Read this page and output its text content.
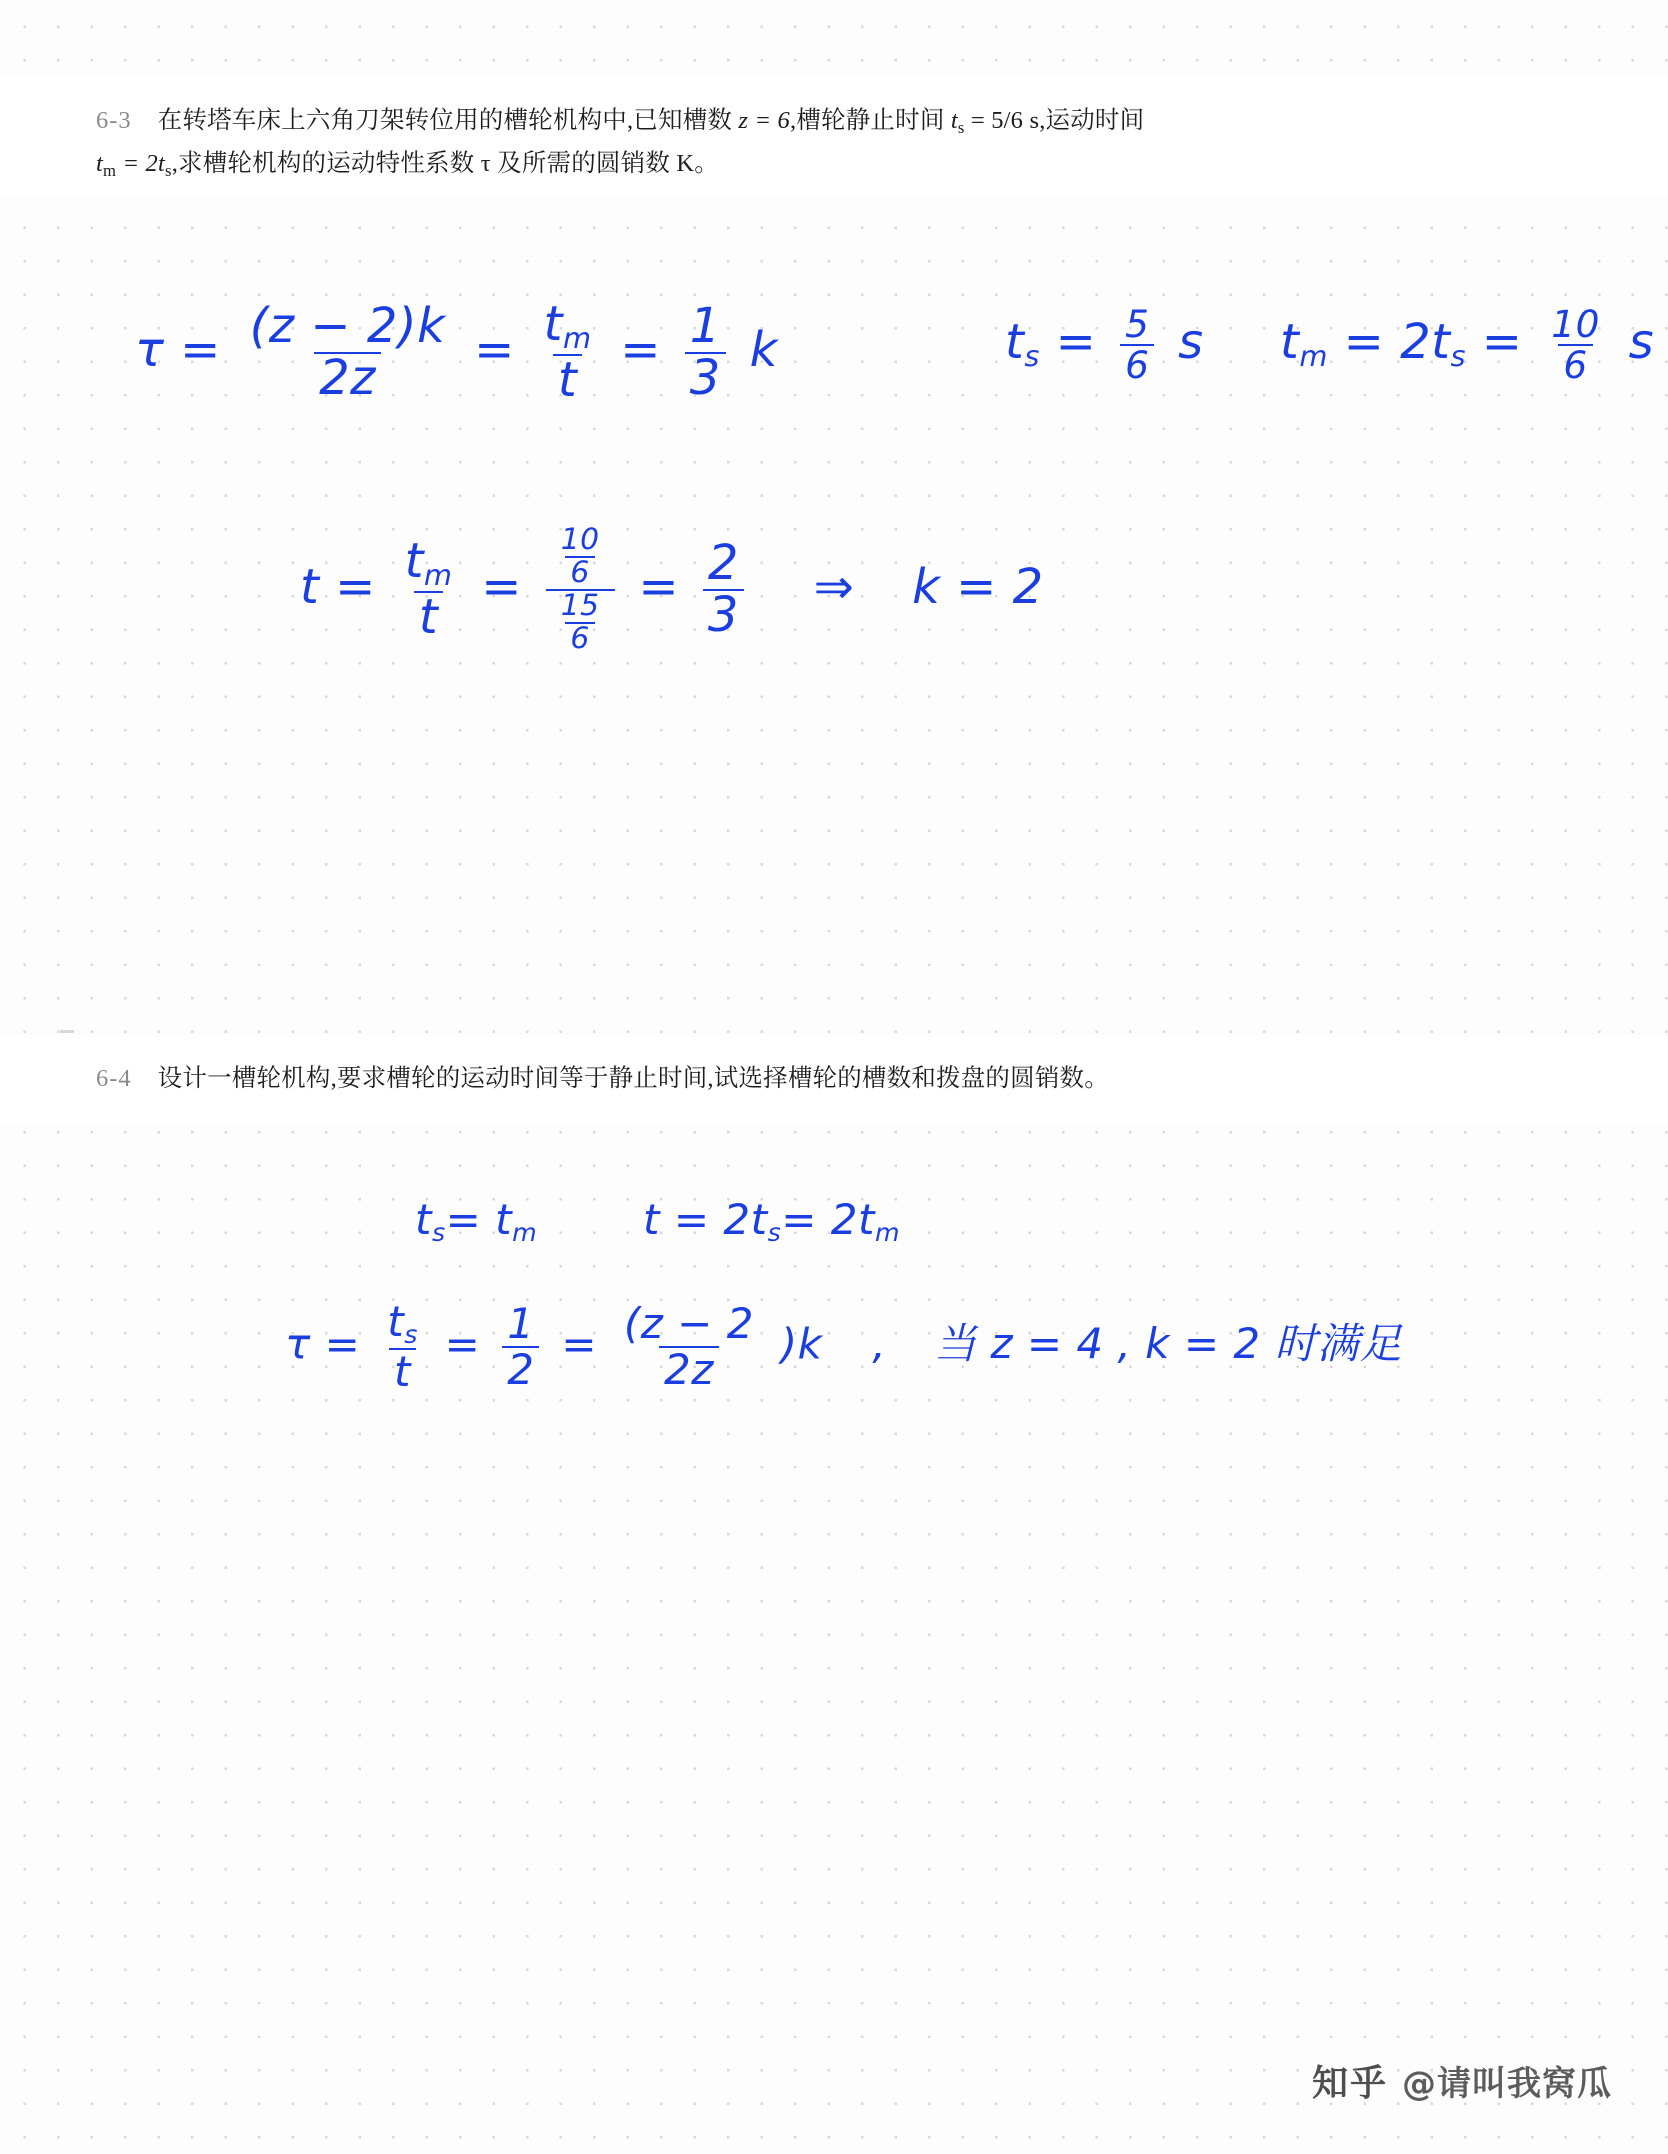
6-3 在转塔车床上六角刀架转位用的槽轮机构中,已知槽数 z = 6,槽轮静止时间 $t_s = 5/6$ s,运动时间
$t_m = 2t_s$,求槽轮机构的运动特性系数 τ 及所需的圆销数 K。
$\tau = \frac{(z - 2)k}{2z} = \frac{tm}{t} = \frac{1}{3}$ k	ts = $\frac{5}{6}$ s tm = $2ts = \frac{10}{6}$ s
$t = \frac{tm}{t} = \frac{\frac{10}{6}}{\frac{15}{6}} = \frac{2}{3}$ ⇒ k = 2
6-4 设计一槽轮机构,要求槽轮的运动时间等于静止时间,试选择槽轮的槽数和拨盘的圆销数。
ts= tm	t = 2ts= 2tm
$\tau = \frac{ts}{t} = \frac{1}{2} = \frac{(z - 2}{2z} )k$ , 当 z = 4 , k = 2 时满足
知乎 @请叫我窝瓜
